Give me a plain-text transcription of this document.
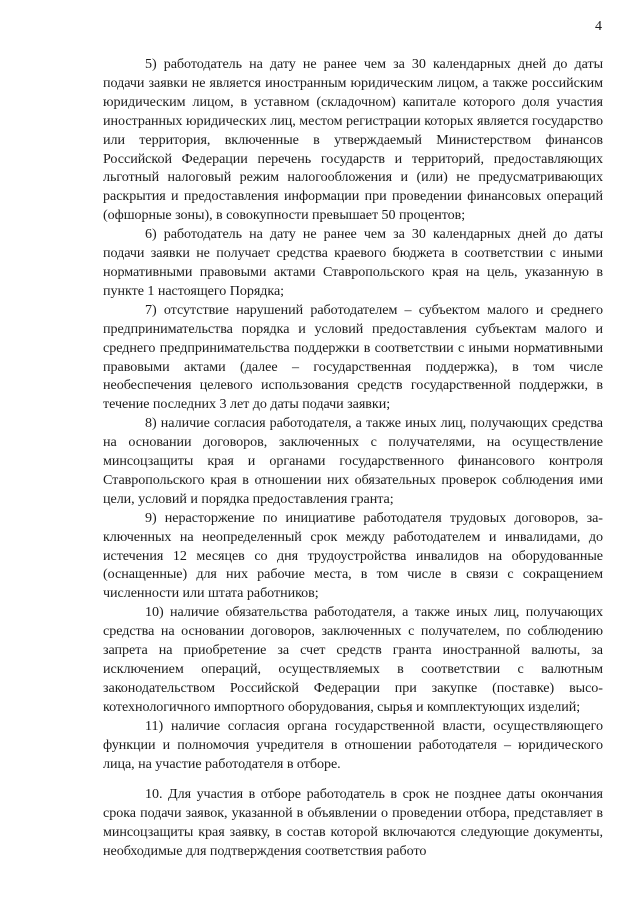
4

5) работодатель на дату не ранее чем за 30 календарных дней до даты подачи заявки не является иностранным юридическим лицом, а также российским юридическим лицом, в уставном (складочном) капитале которого доля участия иностранных юридических лиц, местом регистрации которых является государство или территория, включенные в утверждаемый Министерством финансов Российской Федерации перечень государств и территорий, предоставляющих льготный налоговый режим налогообложения и (или) не предусматривающих раскрытия и предоставления информации при проведении финансовых операций (офшорные зоны), в совокупности превышает 50 процентов;

6) работодатель на дату не ранее чем за 30 календарных дней до даты подачи заявки не получает средства краевого бюджета в соответствии с иными нормативными правовыми актами Ставропольского края на цель, указанную в пункте 1 настоящего Порядка;

7) отсутствие нарушений работодателем – субъектом малого и среднего предпринимательства порядка и условий предоставления субъектам малого и среднего предпринимательства поддержки в соответствии с иными нормативными правовыми актами (далее – государственная поддержка), в том числе необеспечения целевого использования средств государственной поддержки, в течение последних 3 лет до даты подачи заявки;

8) наличие согласия работодателя, а также иных лиц, получающих средства на основании договоров, заключенных с получателями, на осуществление минсоцзащиты края и органами государственного финансового контроля Ставропольского края в отношении них обязательных проверок соблюдения ими цели, условий и порядка предоставления гранта;

9) нерасторжение по инициативе работодателя трудовых договоров, заключенных на неопределенный срок между работодателем и инвалидами, до истечения 12 месяцев со дня трудоустройства инвалидов на оборудованные (оснащенные) для них рабочие места, в том числе в связи с сокращением численности или штата работников;

10) наличие обязательства работодателя, а также иных лиц, получающих средства на основании договоров, заключенных с получателем, по соблюдению запрета на приобретение за счет средств гранта иностранной валюты, за исключением операций, осуществляемых в соответствии с валютным законодательством Российской Федерации при закупке (поставке) высокотехнологичного импортного оборудования, сырья и комплектующих изделий;

11) наличие согласия органа государственной власти, осуществляющего функции и полномочия учредителя в отношении работодателя – юридического лица, на участие работодателя в отборе.

10. Для участия в отборе работодатель в срок не позднее даты окончания срока подачи заявок, указанной в объявлении о проведении отбора, представляет в минсоцзащиты края заявку, в состав которой включаются следующие документы, необходимые для подтверждения соответствия работо
